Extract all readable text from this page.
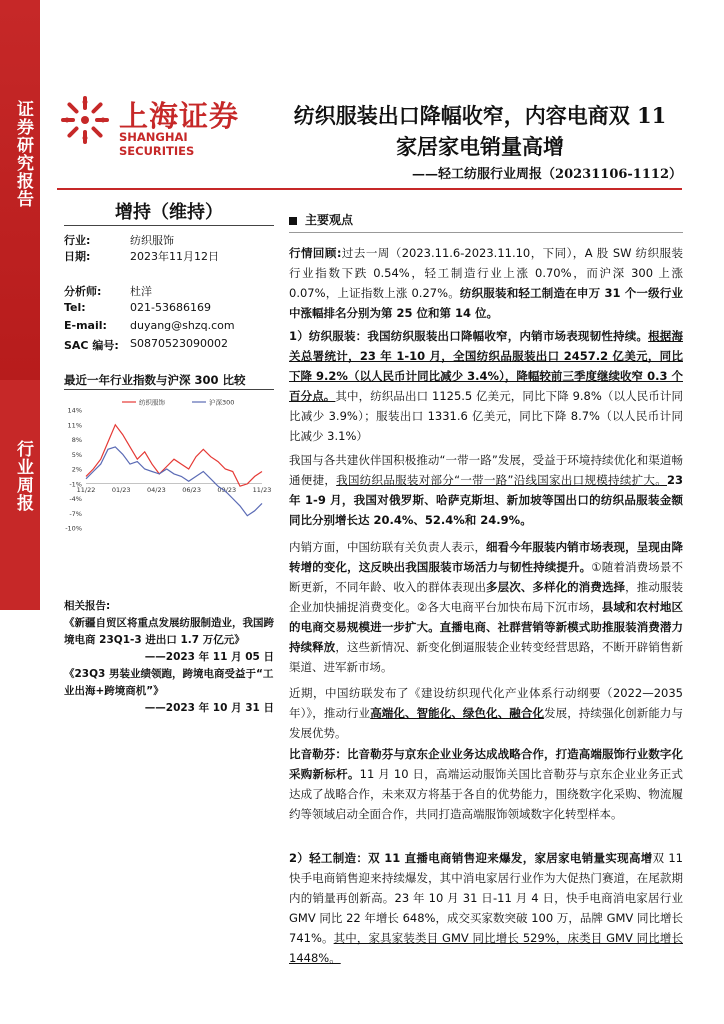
证券研究报告
行业周报
上海证券
SHANGHAI SECURITIES
纺织服装出口降幅收窄，内容电商双 11
家居家电销量高增
——轻工纺服行业周报（20231106-1112）
增持（维持）
行业:	纺织服饰
日期:	2023年11月12日
分析师:	杜洋
Tel:	021-53686169
E-mail: duyang@shzq.com
SAC 编号: S0870523090002
最近一年行业指数与沪深 300 比较
14%
11%
8%
5%
2%
-1%
-4%
-7%
-10%
11/22	01/23	04/23	06/23	09/23	11/23
纺织服饰	沪深300
相关报告:
《新疆自贸区将重点发展纺服制造业，我国跨境电商 23Q1-3 进出口 1.7 万亿元》
——2023 年 11 月 05 日
《23Q3 男装业绩领跑，跨境电商受益于“工业出海+跨境商机”》
——2023 年 10 月 31 日
主要观点

行情回顾:过去一周（2023.11.6-2023.11.10，下同），A 股 SW 纺织服装行业指数下跌 0.54%，轻工制造行业上涨 0.70%，而沪深 300 上涨 0.07%，上证指数上涨 0.27%。纺织服装和轻工制造在申万 31 个一级行业中涨幅排名分别为第 25 位和第 14 位。

1）纺织服装：我国纺织服装出口降幅收窄，内销市场表现韧性持续。根据海关总署统计，23 年 1-10 月，全国纺织品服装出口 2457.2 亿美元，同比下降 9.2%（以人民币计同比减少 3.4%），降幅较前三季度继续收窄 0.3 个百分点。其中，纺织品出口 1125.5 亿美元，同比下降 9.8%（以人民币计同比减少 3.9%）；服装出口 1331.6 亿美元，同比下降 8.7%（以人民币计同比减少 3.1%）

我国与各共建伙伴国积极推动“一带一路”发展，受益于环境持续优化和渠道畅通便捷，我国纺织品服装对部分“一带一路”沿线国家出口规模持续扩大。23 年 1-9 月，我国对俄罗斯、哈萨克斯坦、新加坡等国出口的纺织品服装金额同比分别增长达 20.4%、52.4%和 24.9%。

内销方面，中国纺联有关负责人表示，细看今年服装内销市场表现，呈现由降转增的变化，这反映出我国服装市场活力与韧性持续提升。①随着消费场景不断更新，不同年龄、收入的群体表现出多层次、多样化的消费选择，推动服装企业加快捕捉消费变化。②各大电商平台加快布局下沉市场，县域和农村地区的电商交易规模进一步扩大。直播电商、社群营销等新模式助推服装消费潜力持续释放，这些新情况、新变化倒逼服装企业转变经营思路，不断开辟销售新渠道、进军新市场。

近期，中国纺联发布了《建设纺织现代化产业体系行动纲要（2022—2035 年）》，推动行业高端化、智能化、绿色化、融合化发展，持续强化创新能力与发展优势。

比音勒芬：比音勒芬与京东企业业务达成战略合作，打造高端服饰行业数字化采购新标杆。11 月 10 日，高端运动服饰关国比音勒芬与京东企业业务正式达成了战略合作，未来双方将基于各自的优势能力，围绕数字化采购、物流履约等领域启动全面合作，共同打造高端服饰领域数字化转型样本。

2）轻工制造：双 11 直播电商销售迎来爆发，家居家电销量实现高增双 11 快手电商销售迎来持续爆发，其中消电家居行业作为大促热门赛道，在尾款期内的销量再创新高。23 年 10 月 31 日-11 月 4 日，快手电商消电家居行业 GMV 同比 22 年增长 648%，成交买家数突破 100 万，品牌 GMV 同比增长 741%。其中，家具家装类目 GMV 同比增长 529%，床类目 GMV 同比增长 1448%。
